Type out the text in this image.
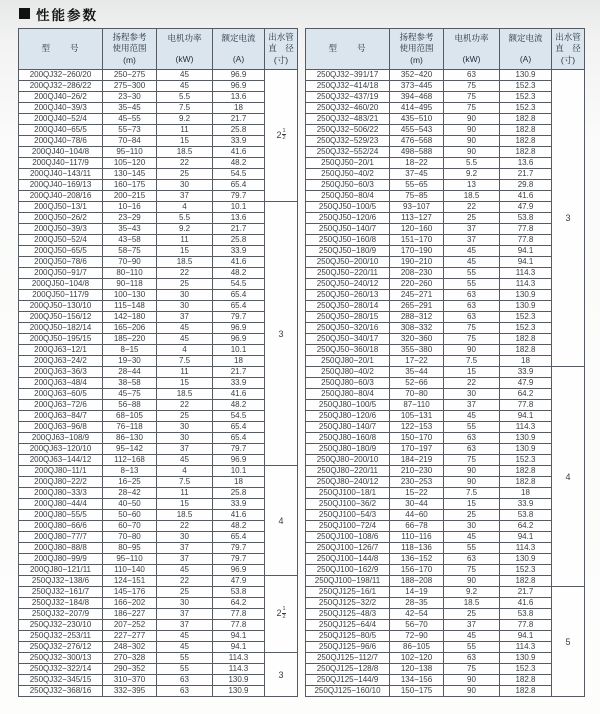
性能参数
型　　号

扬程参考
使用范围
(m)

电机功率
(kW)

额定电流
(A)

出水管
直　径
(寸)

200QJ32−260/20	250−275	45	96.9	$2 \frac{1}{2}$

200QJ32−286/22	275−300	45	96.9	
200QJ40−26/2	23−30	5.5	13.6	
200QJ40−39/3	35−45	7.5	18	
200QJ40−52/4	45−55	9.2	21.7	
200QJ40−65/5	55−73	11	25.8	
200QJ40−78/6	70−84	15	33.9	
200QJ40−104/8	95−110	18.5	41.6	
200QJ40−117/9	105−120	22	48.2	
200QJ40−143/11	130−145	25	54.5	
200QJ40−169/13	160−175	30	65.4	
200QJ40−208/16	200−215	37	79.7	
200QJ50−13/1	10−16	4	10.1	3
200QJ50−26/2	23−29	5.5	13.6	
200QJ50−39/3	35−43	9.2	21.7	
200QJ50−52/4	43−58	11	25.8	
200QJ50−65/5	58−75	15	33.9	
200QJ50−78/6	70−90	18.5	41.6	
200QJ50−91/7	80−110	22	48.2	
200QJ50−104/8	90−118	25	54.5	
200QJ50−117/9	100−130	30	65.4	
200QJ50−130/10	115−148	30	65.4	
200QJ50−156/12	142−180	37	79.7	
200QJ50−182/14	165−206	45	96.9	
200QJ50−195/15	185−220	45	96.9	
200QJ63−12/1	8−15	4	10.1	
200QJ63−24/2	19−30	7.5	18	
200QJ63−36/3	28−44	11	21.7	
200QJ63−48/4	38−58	15	33.9	
200QJ63−60/5	45−75	18.5	41.6	
200QJ63−72/6	56−88	22	48.2	
200QJ63−84/7	68−105	25	54.5	
200QJ63−96/8	76−118	30	65.4	
200QJ63−108/9	86−130	30	65.4	
200QJ63−120/10	95−142	37	79.7	
200QJ63−144/12	112−168	45	96.9	
200QJ80−11/1	8−13	4	10.1	4
200QJ80−22/2	16−25	7.5	18	
200QJ80−33/3	28−42	11	25.8	
200QJ80−44/4	40−50	15	33.9	
200QJ80−55/5	50−60	18.5	41.6	
200QJ80−66/6	60−70	22	48.2	
200QJ80−77/7	70−80	30	65.4	
200QJ80−88/8	80−95	37	79.7	
200QJ80−99/9	95−110	37	79.7	
200QJ80−121/11	110−140	45	96.9	
250QJ32−138/6	124−151	22	47.9	$2 \frac{1}{2}$

250QJ32−161/7	145−176	25	53.8	
250QJ32−184/8	166−202	30	64.2	
250QJ32−207/9	186−227	37	77.8	
250QJ32−230/10	207−252	37	77.8	
250QJ32−253/11	227−277	45	94.1	
250QJ32−276/12	248−302	45	94.1	
250QJ32−300/13	270−328	55	114.3	3
250QJ32−322/14	290−352	55	114.3	
250QJ32−345/15	310−370	63	130.9	
250QJ32−368/16	332−395	63	130.9	
型　　号

扬程参考
使用范围
(m)

电机功率
(kW)

额定电流
(A)

出水管
直　径
(寸)

250QJ32−391/17	352−420	63	130.9	3
250QJ32−414/18	373−445	75	152.3	
250QJ32−437/19	394−468	75	152.3	
250QJ32−460/20	414−495	75	152.3	
250QJ32−483/21	435−510	90	182.8	
250QJ32−506/22	455−543	90	182.8	
250QJ32−529/23	476−568	90	182.8	
250QJ32−552/24	498−588	90	182.8	
250QJ50−20/1	18−22	5.5	13.6	
250QJ50−40/2	37−45	9.2	21.7	
250QJ50−60/3	55−65	13	29.8	
250QJ50−80/4	75−85	18.5	41.6	
250QJ50−100/5	93−107	22	47.9	
250QJ50−120/6	113−127	25	53.8	
250QJ50−140/7	120−160	37	77.8	
250QJ50−160/8	151−170	37	77.8	
250QJ50−180/9	170−190	45	94.1	
250QJ50−200/10	190−210	45	94.1	
250QJ50−220/11	208−230	55	114.3	
250QJ50−240/12	220−260	55	114.3	
250QJ50−260/13	245−271	63	130.9	
250QJ50−280/14	265−291	63	130.9	
250QJ50−280/15	288−312	63	152.3	
250QJ50−320/16	308−332	75	152.3	
250QJ50−340/17	320−360	75	182.8	
250QJ50−360/18	355−380	90	182.8	
250QJ80−20/1	17−22	7.5	18	
250QJ80−40/2	35−44	15	33.9	4
250QJ80−60/3	52−66	22	47.9	
250QJ80−80/4	70−80	30	64.2	
250QJ80−100/5	87−110	37	77.8	
250QJ80−120/6	105−131	45	94.1	
250QJ80−140/7	122−153	55	114.3	
250QJ80−160/8	150−170	63	130.9	
250QJ80−180/9	170−197	63	130.9	
250QJ80−200/10	184−219	75	152.3	
250QJ80−220/11	210−230	90	182.8	
250QJ80−240/12	230−253	90	182.8	
250QJ100−18/1	15−22	7.5	18	
250QJ100−36/2	30−44	15	33.9	
250QJ100−54/3	44−60	25	53.8	
250QJ100−72/4	66−78	30	64.2	
250QJ100−108/6	110−116	45	94.1	
250QJ100−126/7	118−136	55	114.3	
250QJ100−144/8	136−152	63	130.9	
250QJ100−162/9	156−170	75	152.3	
250QJ100−198/11	188−208	90	182.8	
250QJ125−16/1	14−19	9.2	21.7	5
250QJ125−32/2	28−35	18.5	41.6	
250QJ125−48/3	42−54	25	53.8	
250QJ125−64/4	56−70	37	77.8	
250QJ125−80/5	72−90	45	94.1	
250QJ125−96/6	86−105	55	114.3	
250QJ125−112/7	102−120	63	130.9	
250QJ125−128/8	120−138	75	152.3	
250QJ125−144/9	134−156	90	182.8	
250QJ125−160/10	150−175	90	182.8	
